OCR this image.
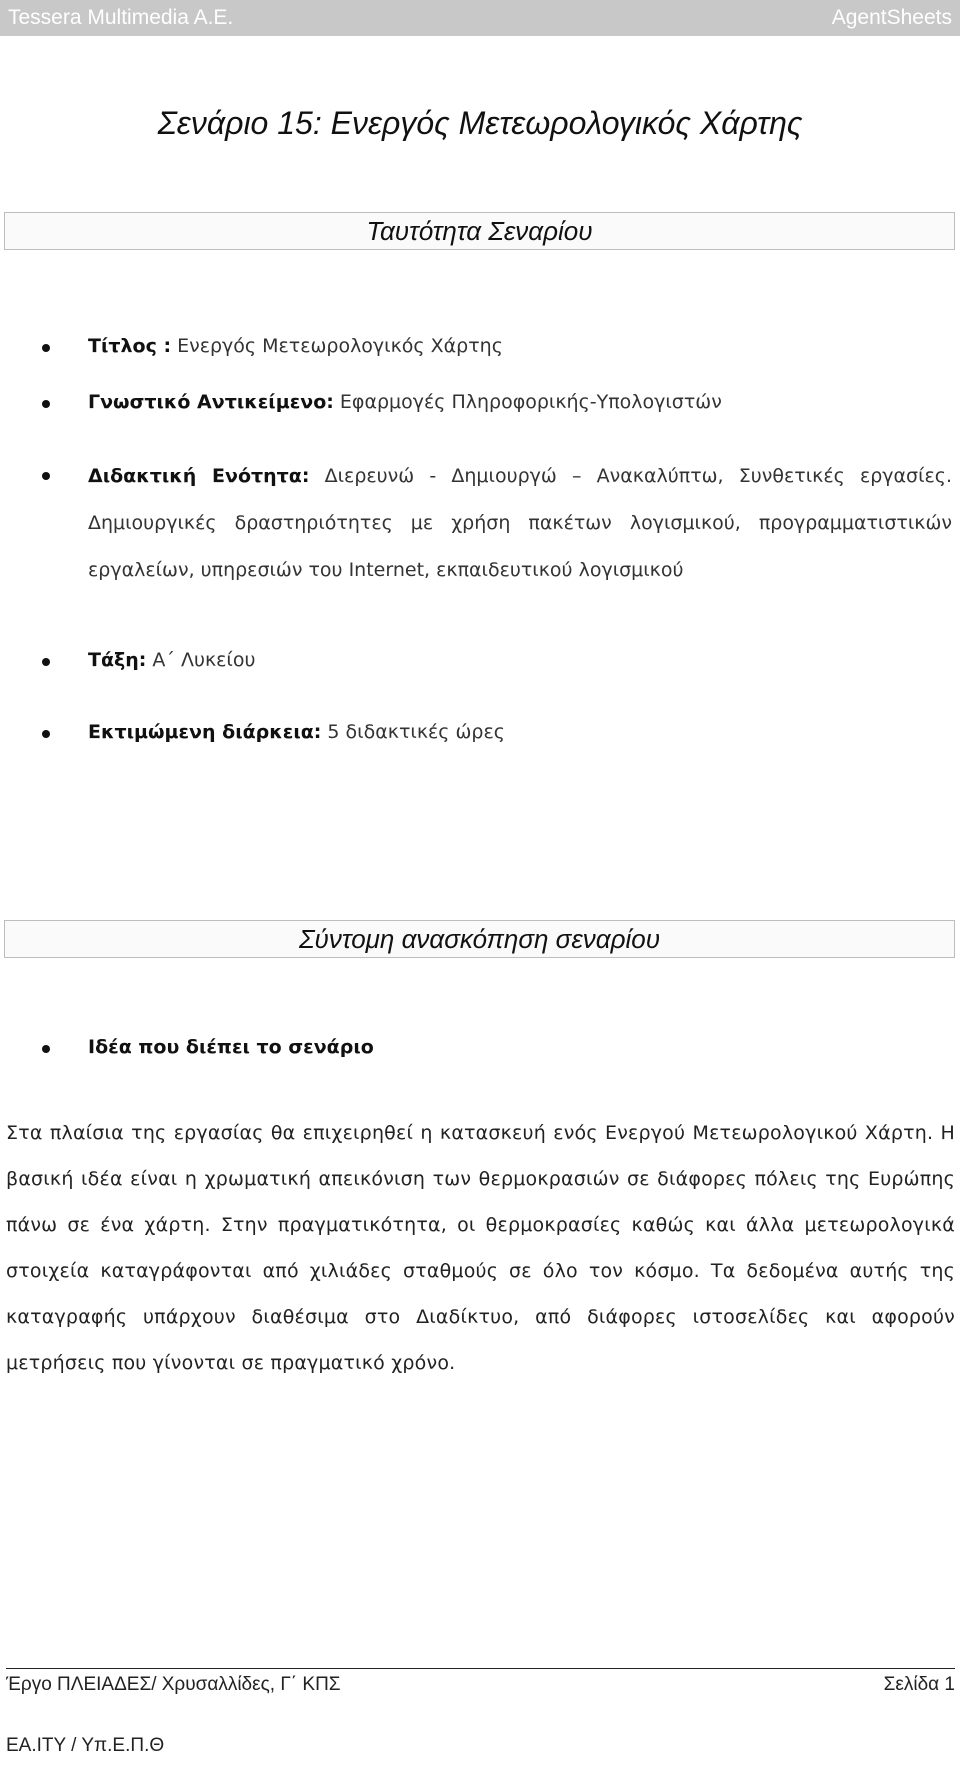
Tessera Multimedia A.E.	AgentSheets
Σενάριο 15: Ενεργός Μετεωρολογικός Χάρτης
Ταυτότητα Σεναρίου
Τίτλος : Ενεργός Μετεωρολογικός Χάρτης
Γνωστικό Αντικείμενο: Εφαρμογές Πληροφορικής-Υπολογιστών
Διδακτική Ενότητα: Διερευνώ - Δημιουργώ – Ανακαλύπτω, Συνθετικές εργασίες. Δημιουργικές δραστηριότητες με χρήση πακέτων λογισμικού, προγραμματιστικών εργαλείων, υπηρεσιών του Internet, εκπαιδευτικού λογισμικού
Τάξη: Α΄ Λυκείου
Εκτιμώμενη διάρκεια: 5 διδακτικές ώρες
Σύντομη ανασκόπηση σεναρίου
Ιδέα που διέπει το σενάριο
Στα πλαίσια της εργασίας θα επιχειρηθεί η κατασκευή ενός Ενεργού Μετεωρολογικού Χάρτη. Η βασική ιδέα είναι η χρωματική απεικόνιση των θερμοκρασιών σε διάφορες πόλεις της Ευρώπης πάνω σε ένα χάρτη. Στην πραγματικότητα, οι θερμοκρασίες καθώς και άλλα μετεωρολογικά στοιχεία καταγράφονται από χιλιάδες σταθμούς σε όλο τον κόσμο. Τα δεδομένα αυτής της καταγραφής υπάρχουν διαθέσιμα στο Διαδίκτυο, από διάφορες ιστοσελίδες και αφορούν μετρήσεις που γίνονται σε πραγματικό χρόνο.
Έργο ΠΛΕΙΑΔΕΣ/ Χρυσαλλίδες, Γ΄ ΚΠΣ	Σελίδα 1
ΕΑ.ΙΤΥ / Υπ.Ε.Π.Θ
